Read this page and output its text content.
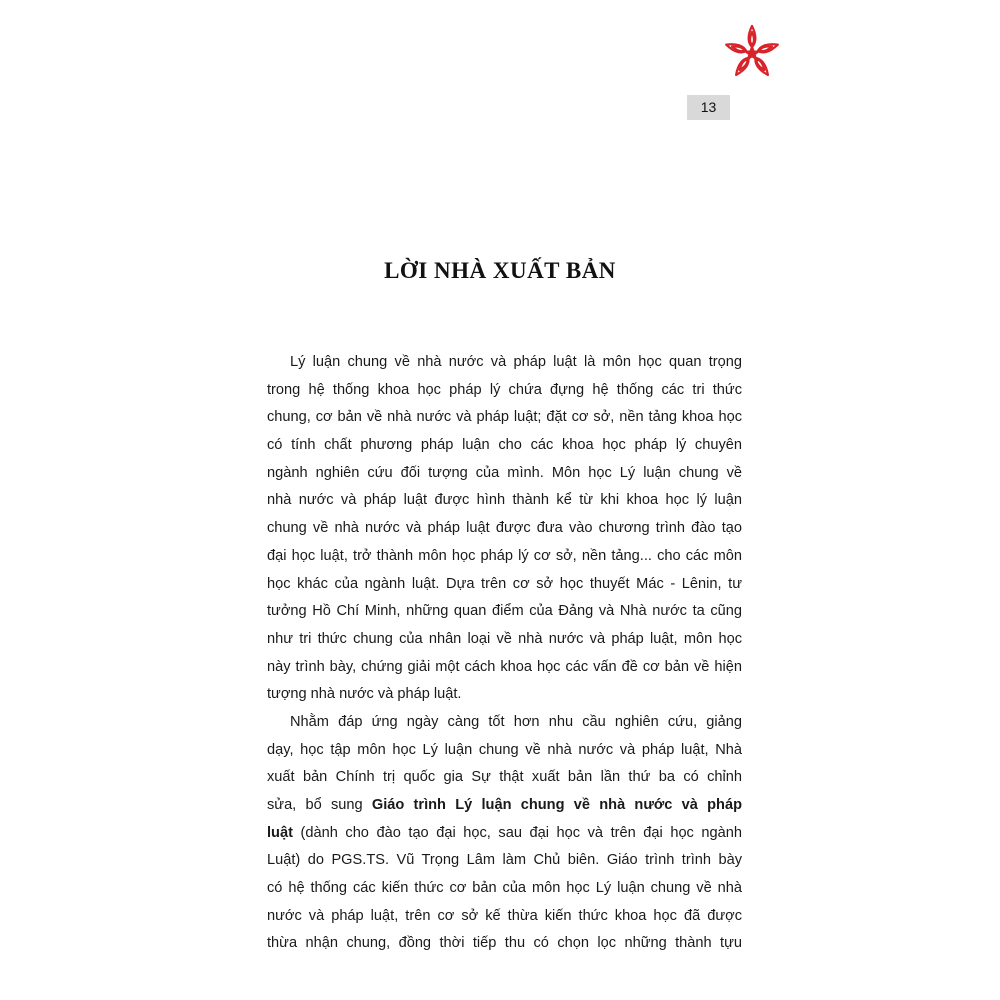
13
LỜI NHÀ XUẤT BẢN
Lý luận chung về nhà nước và pháp luật là môn học quan trọng
trong hệ thống khoa học pháp lý chứa đựng hệ thống các tri thức
chung, cơ bản về nhà nước và pháp luật; đặt cơ sở, nền tảng khoa học
có tính chất phương pháp luận cho các khoa học pháp lý chuyên
ngành nghiên cứu đối tượng của mình. Môn học Lý luận chung về
nhà nước và pháp luật được hình thành kể từ khi khoa học lý luận
chung về nhà nước và pháp luật được đưa vào chương trình đào tạo
đại học luật, trở thành môn học pháp lý cơ sở, nền tảng... cho các môn
học khác của ngành luật. Dựa trên cơ sở học thuyết Mác - Lênin, tư
tưởng Hồ Chí Minh, những quan điểm của Đảng và Nhà nước ta cũng
như tri thức chung của nhân loại về nhà nước và pháp luật, môn học
này trình bày, chứng giải một cách khoa học các vấn đề cơ bản về hiện
tượng nhà nước và pháp luật.
Nhằm đáp ứng ngày càng tốt hơn nhu cầu nghiên cứu, giảng
dạy, học tập môn học Lý luận chung về nhà nước và pháp luật, Nhà
xuất bản Chính trị quốc gia Sự thật xuất bản lần thứ ba có chỉnh
sửa, bổ sung Giáo trình Lý luận chung về nhà nước và pháp
luật (dành cho đào tạo đại học, sau đại học và trên đại học ngành
Luật) do PGS.TS. Vũ Trọng Lâm làm Chủ biên. Giáo trình trình bày
có hệ thống các kiến thức cơ bản của môn học Lý luận chung về nhà
nước và pháp luật, trên cơ sở kế thừa kiến thức khoa học đã được
thừa nhận chung, đồng thời tiếp thu có chọn lọc những thành tựu
